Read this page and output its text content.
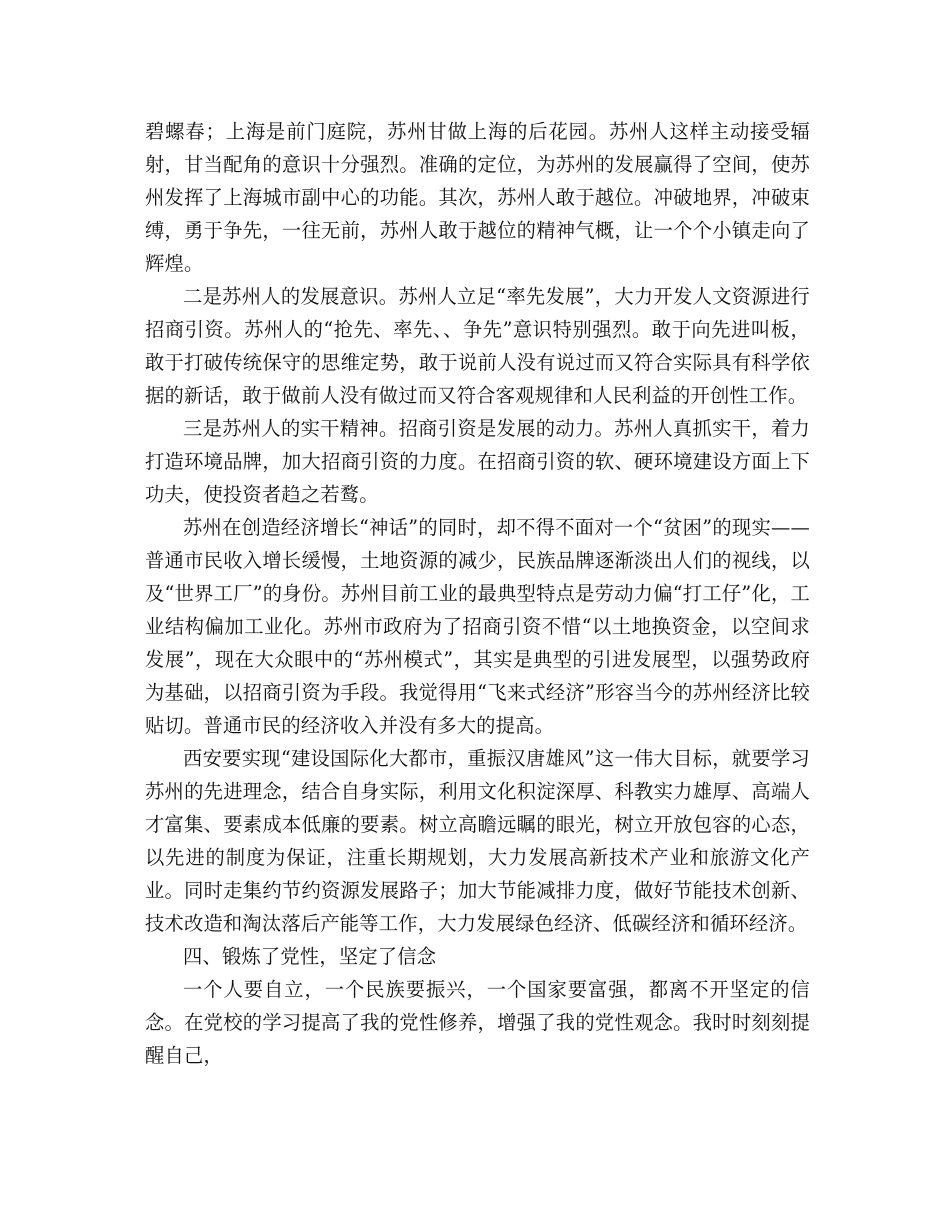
碧螺春；上海是前门庭院，苏州甘做上海的后花园。苏州人这样主动接受辐射，甘当配角的意识十分强烈。准确的定位，为苏州的发展赢得了空间，使苏州发挥了上海城市副中心的功能。其次，苏州人敢于越位。冲破地界，冲破束缚，勇于争先，一往无前，苏州人敢于越位的精神气概，让一个个小镇走向了辉煌。

二是苏州人的发展意识。苏州人立足“率先发展”，大力开发人文资源进行招商引资。苏州人的“抢先、率先、、争先”意识特别强烈。敢于向先进叫板，敢于打破传统保守的思维定势，敢于说前人没有说过而又符合实际具有科学依据的新话，敢于做前人没有做过而又符合客观规律和人民利益的开创性工作。

三是苏州人的实干精神。招商引资是发展的动力。苏州人真抓实干，着力打造环境品牌，加大招商引资的力度。在招商引资的软、硬环境建设方面上下功夫，使投资者趋之若鹜。

苏州在创造经济增长“神话”的同时，却不得不面对一个“贫困”的现实——普通市民收入增长缓慢，土地资源的减少，民族品牌逐渐淡出人们的视线，以及“世界工厂”的身份。苏州目前工业的最典型特点是劳动力偏“打工仔”化，工业结构偏加工业化。苏州市政府为了招商引资不惜“以土地换资金，以空间求发展”，现在大众眼中的“苏州模式”，其实是典型的引进发展型，以强势政府为基础，以招商引资为手段。我觉得用“飞来式经济”形容当今的苏州经济比较贴切。普通市民的经济收入并没有多大的提高。

西安要实现“建设国际化大都市，重振汉唐雄风”这一伟大目标，就要学习苏州的先进理念，结合自身实际，利用文化积淀深厚、科教实力雄厚、高端人才富集、要素成本低廉的要素。树立高瞻远瞩的眼光，树立开放包容的心态，以先进的制度为保证，注重长期规划，大力发展高新技术产业和旅游文化产业。同时走集约节约资源发展路子；加大节能减排力度，做好节能技术创新、技术改造和淘汰落后产能等工作，大力发展绿色经济、低碳经济和循环经济。

四、锻炼了党性，坚定了信念

一个人要自立，一个民族要振兴，一个国家要富强，都离不开坚定的信念。在党校的学习提高了我的党性修养，增强了我的党性观念。我时时刻刻提醒自己，
